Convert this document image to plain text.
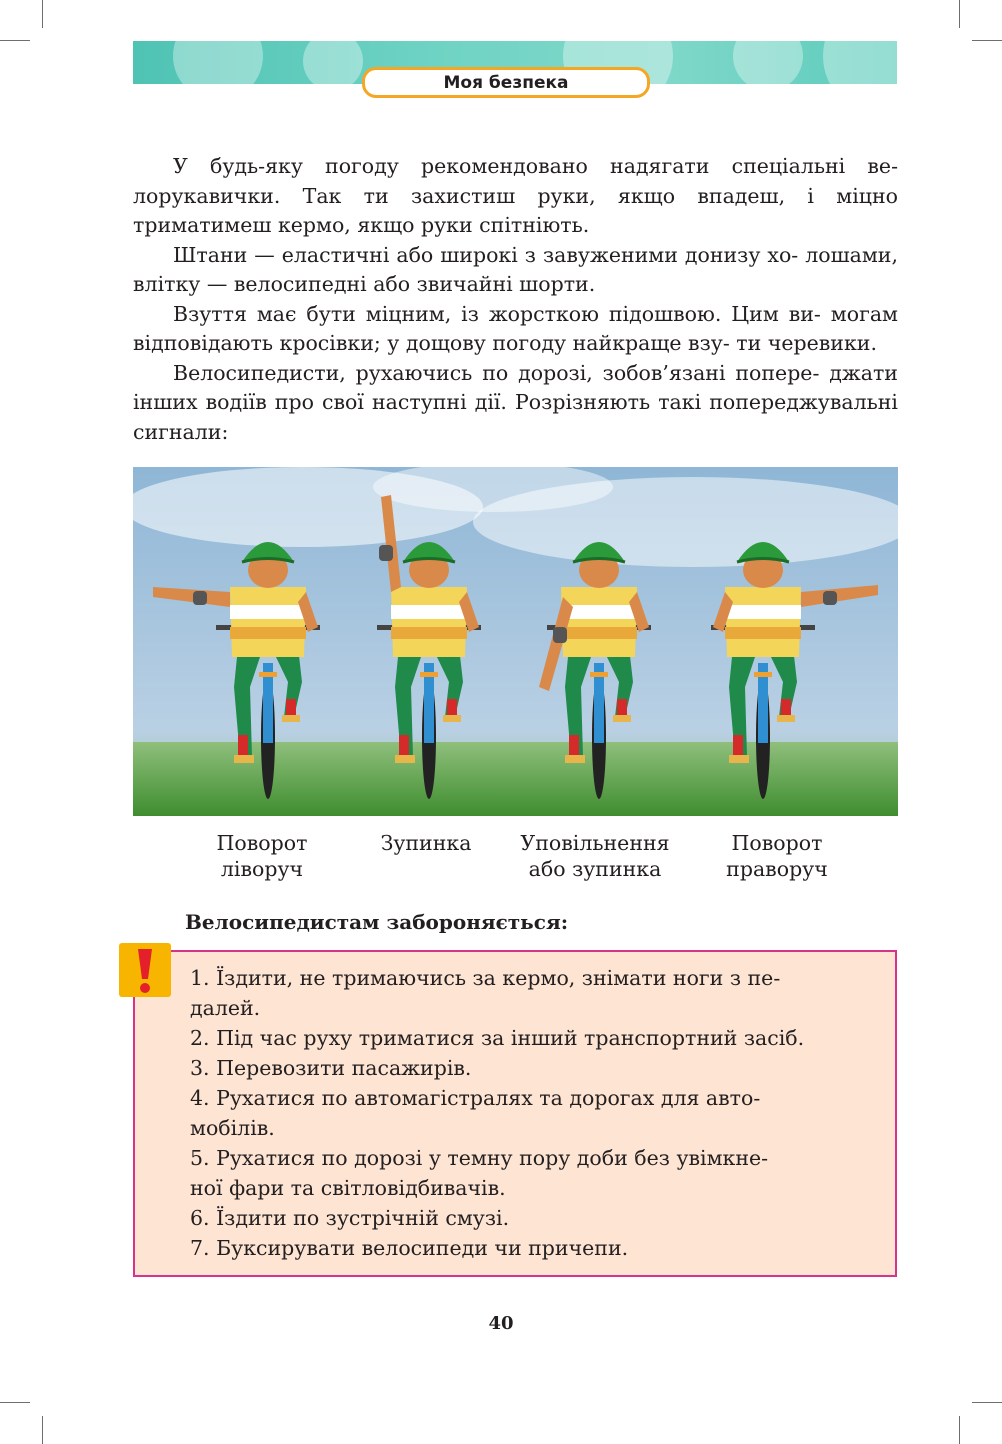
Моя безпека

У будь-яку погоду рекомендовано надягати спеціальні ве- лорукавички. Так ти захистиш руки, якщо впадеш, і міцно триматимеш кермо, якщо руки спітніють.

Штани — еластичні або широкі з завуженими донизу хо- лошами, влітку — велосипедні або звичайні шорти.

Взуття має бути міцним, із жорсткою підошвою. Цим ви- могам відповідають кросівки; у дощову погоду найкраще взу- ти черевики.

Велосипедисти, рухаючись по дорозі, зобов’язані попере- джати інших водіїв про свої наступні дії. Розрізняють такі попереджувальні сигнали:

Поворот
ліворуч
Зупинка	Уповільнення
або зупинка
Поворот
праворуч
Велосипедистам забороняється:
1. Їздити, не тримаючись за кермо, знімати ноги з пе-
далей.
2. Під час руху триматися за інший транспортний засіб.
3. Перевозити пасажирів.
4. Рухатися по автомагістралях та дорогах для авто-
мобілів.
5. Рухатися по дорозі у темну пору доби без увімкне-
ної фари та світловідбивачів.
6. Їздити по зустрічній смузі.
7. Буксирувати велосипеди чи причепи.
40
